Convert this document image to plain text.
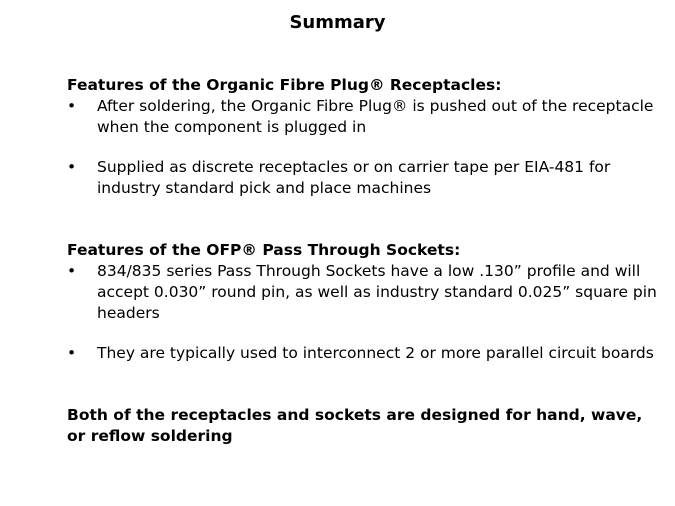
Summary
Features of the Organic Fibre Plug® Receptacles:
• After soldering, the Organic Fibre Plug® is pushed out of the receptacle when the component is plugged in
• Supplied as discrete receptacles or on carrier tape per EIA-481 for industry standard pick and place machines
Features of the OFP® Pass Through Sockets:
• 834/835 series Pass Through Sockets have a low .130” profile and will accept 0.030” round pin, as well as industry standard 0.025” square pin headers
• They are typically used to interconnect 2 or more parallel circuit boards
Both of the receptacles and sockets are designed for hand, wave, or reflow soldering
